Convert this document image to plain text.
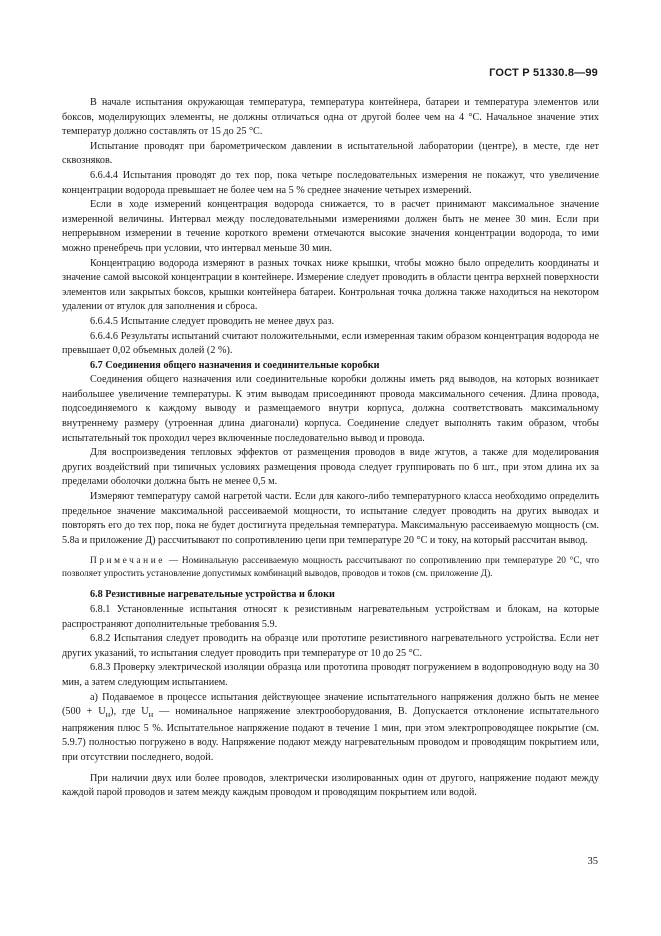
ГОСТ Р 51330.8—99

В начале испытания окружающая температура, температура контейнера, батареи и температура элементов или боксов, моделирующих элементы, не должны отличаться одна от другой более чем на 4 °С. Начальное значение этих температур должно составлять от 15 до 25 °С.

Испытание проводят при барометрическом давлении в испытательной лаборатории (центре), в месте, где нет сквозняков.

6.6.4.4 Испытания проводят до тех пор, пока четыре последовательных измерения не покажут, что увеличение концентрации водорода превышает не более чем на 5 % среднее значение четырех измерений.

Если в ходе измерений концентрация водорода снижается, то в расчет принимают максимальное значение измеренной величины. Интервал между последовательными измерениями должен быть не менее 30 мин. Если при непрерывном измерении в течение короткого времени отмечаются высокие значения концентрации водорода, то ими можно пренебречь при условии, что интервал меньше 30 мин.

Концентрацию водорода измеряют в разных точках ниже крышки, чтобы можно было определить координаты и значение самой высокой концентрации в контейнере. Измерение следует проводить в области центра верхней поверхности элементов или закрытых боксов, крышки контейнера батареи. Контрольная точка должна также находиться на некотором удалении от втулок для заполнения и сброса.

6.6.4.5 Испытание следует проводить не менее двух раз.

6.6.4.6 Результаты испытаний считают положительными, если измеренная таким образом концентрация водорода не превышает 0,02 объемных долей (2 %).

6.7 Соединения общего назначения и соединительные коробки

Соединения общего назначения или соединительные коробки должны иметь ряд выводов, на которых возникает наибольшее увеличение температуры. К этим выводам присоединяют провода максимального сечения. Длина провода, подсоединяемого к каждому выводу и размещаемого внутри корпуса, должна соответствовать максимальному внутреннему размеру (утроенная длина диагонали) корпуса. Соединение следует выполнять таким образом, чтобы испытательный ток проходил через включенные последовательно вывод и провода.

Для воспроизведения тепловых эффектов от размещения проводов в виде жгутов, а также для моделирования других воздействий при типичных условиях размещения провода следует группировать по 6 шт., при этом длина их за пределами оболочки должна быть не менее 0,5 м.

Измеряют температуру самой нагретой части. Если для какого-либо температурного класса необходимо определить предельное значение максимальной рассеиваемой мощности, то испытание следует проводить на других выводах и повторять его до тех пор, пока не будет достигнута предельная температура. Максимальную рассеиваемую мощность (см. 5.8а и приложение Д) рассчитывают по сопротивлению цепи при температуре 20 °С и току, на который рассчитан вывод.

Примечание — Номинальную рассеиваемую мощность рассчитывают по сопротивлению при температуре 20 °С, что позволяет упростить установление допустимых комбинаций выводов, проводов и токов (см. приложение Д).

6.8 Резистивные нагревательные устройства и блоки

6.8.1 Установленные испытания относят к резистивным нагревательным устройствам и блокам, на которые распространяют дополнительные требования 5.9.

6.8.2 Испытания следует проводить на образце или прототипе резистивного нагревательного устройства. Если нет других указаний, то испытания следует проводить при температуре от 10 до 25 °С.

6.8.3 Проверку электрической изоляции образца или прототипа проводят погружением в водопроводную воду на 30 мин, а затем следующим испытанием.

а) Подаваемое в процессе испытания действующее значение испытательного напряжения должно быть не менее $(500 + U_н)$, где $U_н$ — номинальное напряжение электрооборудования, В. Допускается отклонение испытательного напряжения плюс 5 %. Испытательное напряжение подают в течение 1 мин, при этом электропроводящее покрытие (см. 5.9.7) полностью погружено в воду. Напряжение подают между нагревательным проводом и проводящим покрытием или, при отсутствии последнего, водой.

При наличии двух или более проводов, электрически изолированных один от другого, напряжение подают между каждой парой проводов и затем между каждым проводом и проводящим покрытием или водой.

35
